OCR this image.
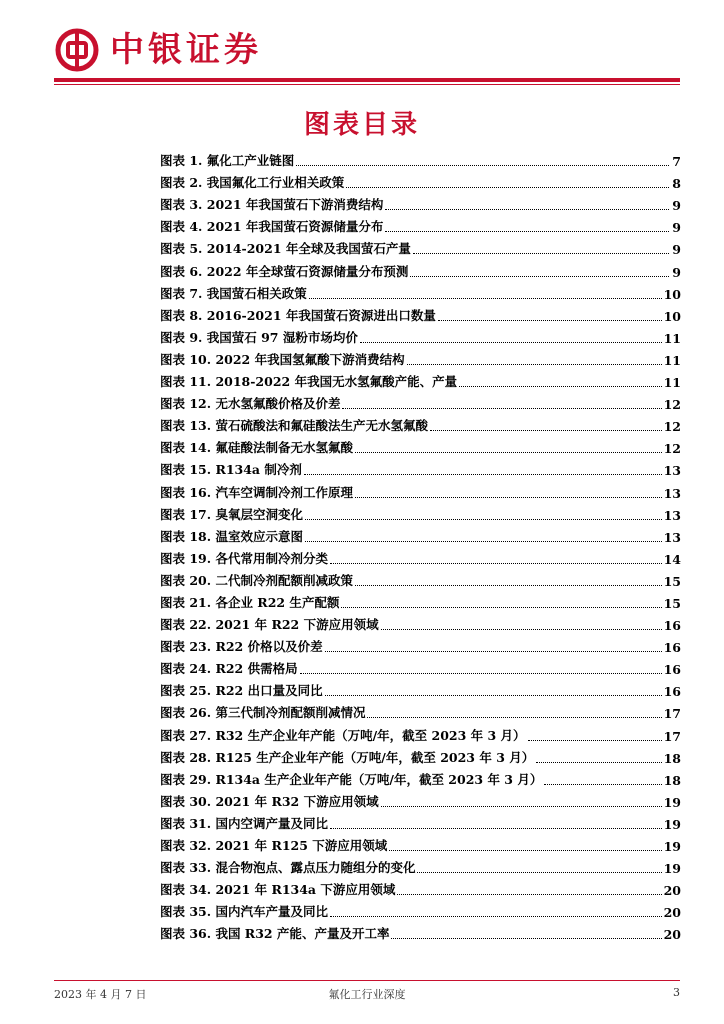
中银证券
图表目录
图表 1. 氟化工产业链图	7
图表 2. 我国氟化工行业相关政策	8
图表 3. 2021 年我国萤石下游消费结构	9
图表 4. 2021 年我国萤石资源储量分布	9
图表 5. 2014-2021 年全球及我国萤石产量	9
图表 6. 2022 年全球萤石资源储量分布预测	9
图表 7. 我国萤石相关政策	10
图表 8. 2016-2021 年我国萤石资源进出口数量	10
图表 9. 我国萤石 97 湿粉市场均价	11
图表 10. 2022 年我国氢氟酸下游消费结构	11
图表 11. 2018-2022 年我国无水氢氟酸产能、产量	11
图表 12. 无水氢氟酸价格及价差	12
图表 13. 萤石硫酸法和氟硅酸法生产无水氢氟酸	12
图表 14. 氟硅酸法制备无水氢氟酸	12
图表 15. R134a 制冷剂	13
图表 16. 汽车空调制冷剂工作原理	13
图表 17. 臭氧层空洞变化	13
图表 18. 温室效应示意图	13
图表 19. 各代常用制冷剂分类	14
图表 20. 二代制冷剂配额削减政策	15
图表 21. 各企业 R22 生产配额	15
图表 22. 2021 年 R22 下游应用领域	16
图表 23. R22 价格以及价差	16
图表 24. R22 供需格局	16
图表 25. R22 出口量及同比	16
图表 26. 第三代制冷剂配额削减情况	17
图表 27. R32 生产企业年产能（万吨/年，截至 2023 年 3 月）	17
图表 28. R125 生产企业年产能（万吨/年，截至 2023 年 3 月）	18
图表 29. R134a 生产企业年产能（万吨/年，截至 2023 年 3 月）	18
图表 30. 2021 年 R32 下游应用领域	19
图表 31. 国内空调产量及同比	19
图表 32. 2021 年 R125 下游应用领域	19
图表 33. 混合物泡点、露点压力随组分的变化	19
图表 34. 2021 年 R134a 下游应用领域	20
图表 35. 国内汽车产量及同比	20
图表 36. 我国 R32 产能、产量及开工率	20
2023 年 4 月 7 日	氟化工行业深度	3
